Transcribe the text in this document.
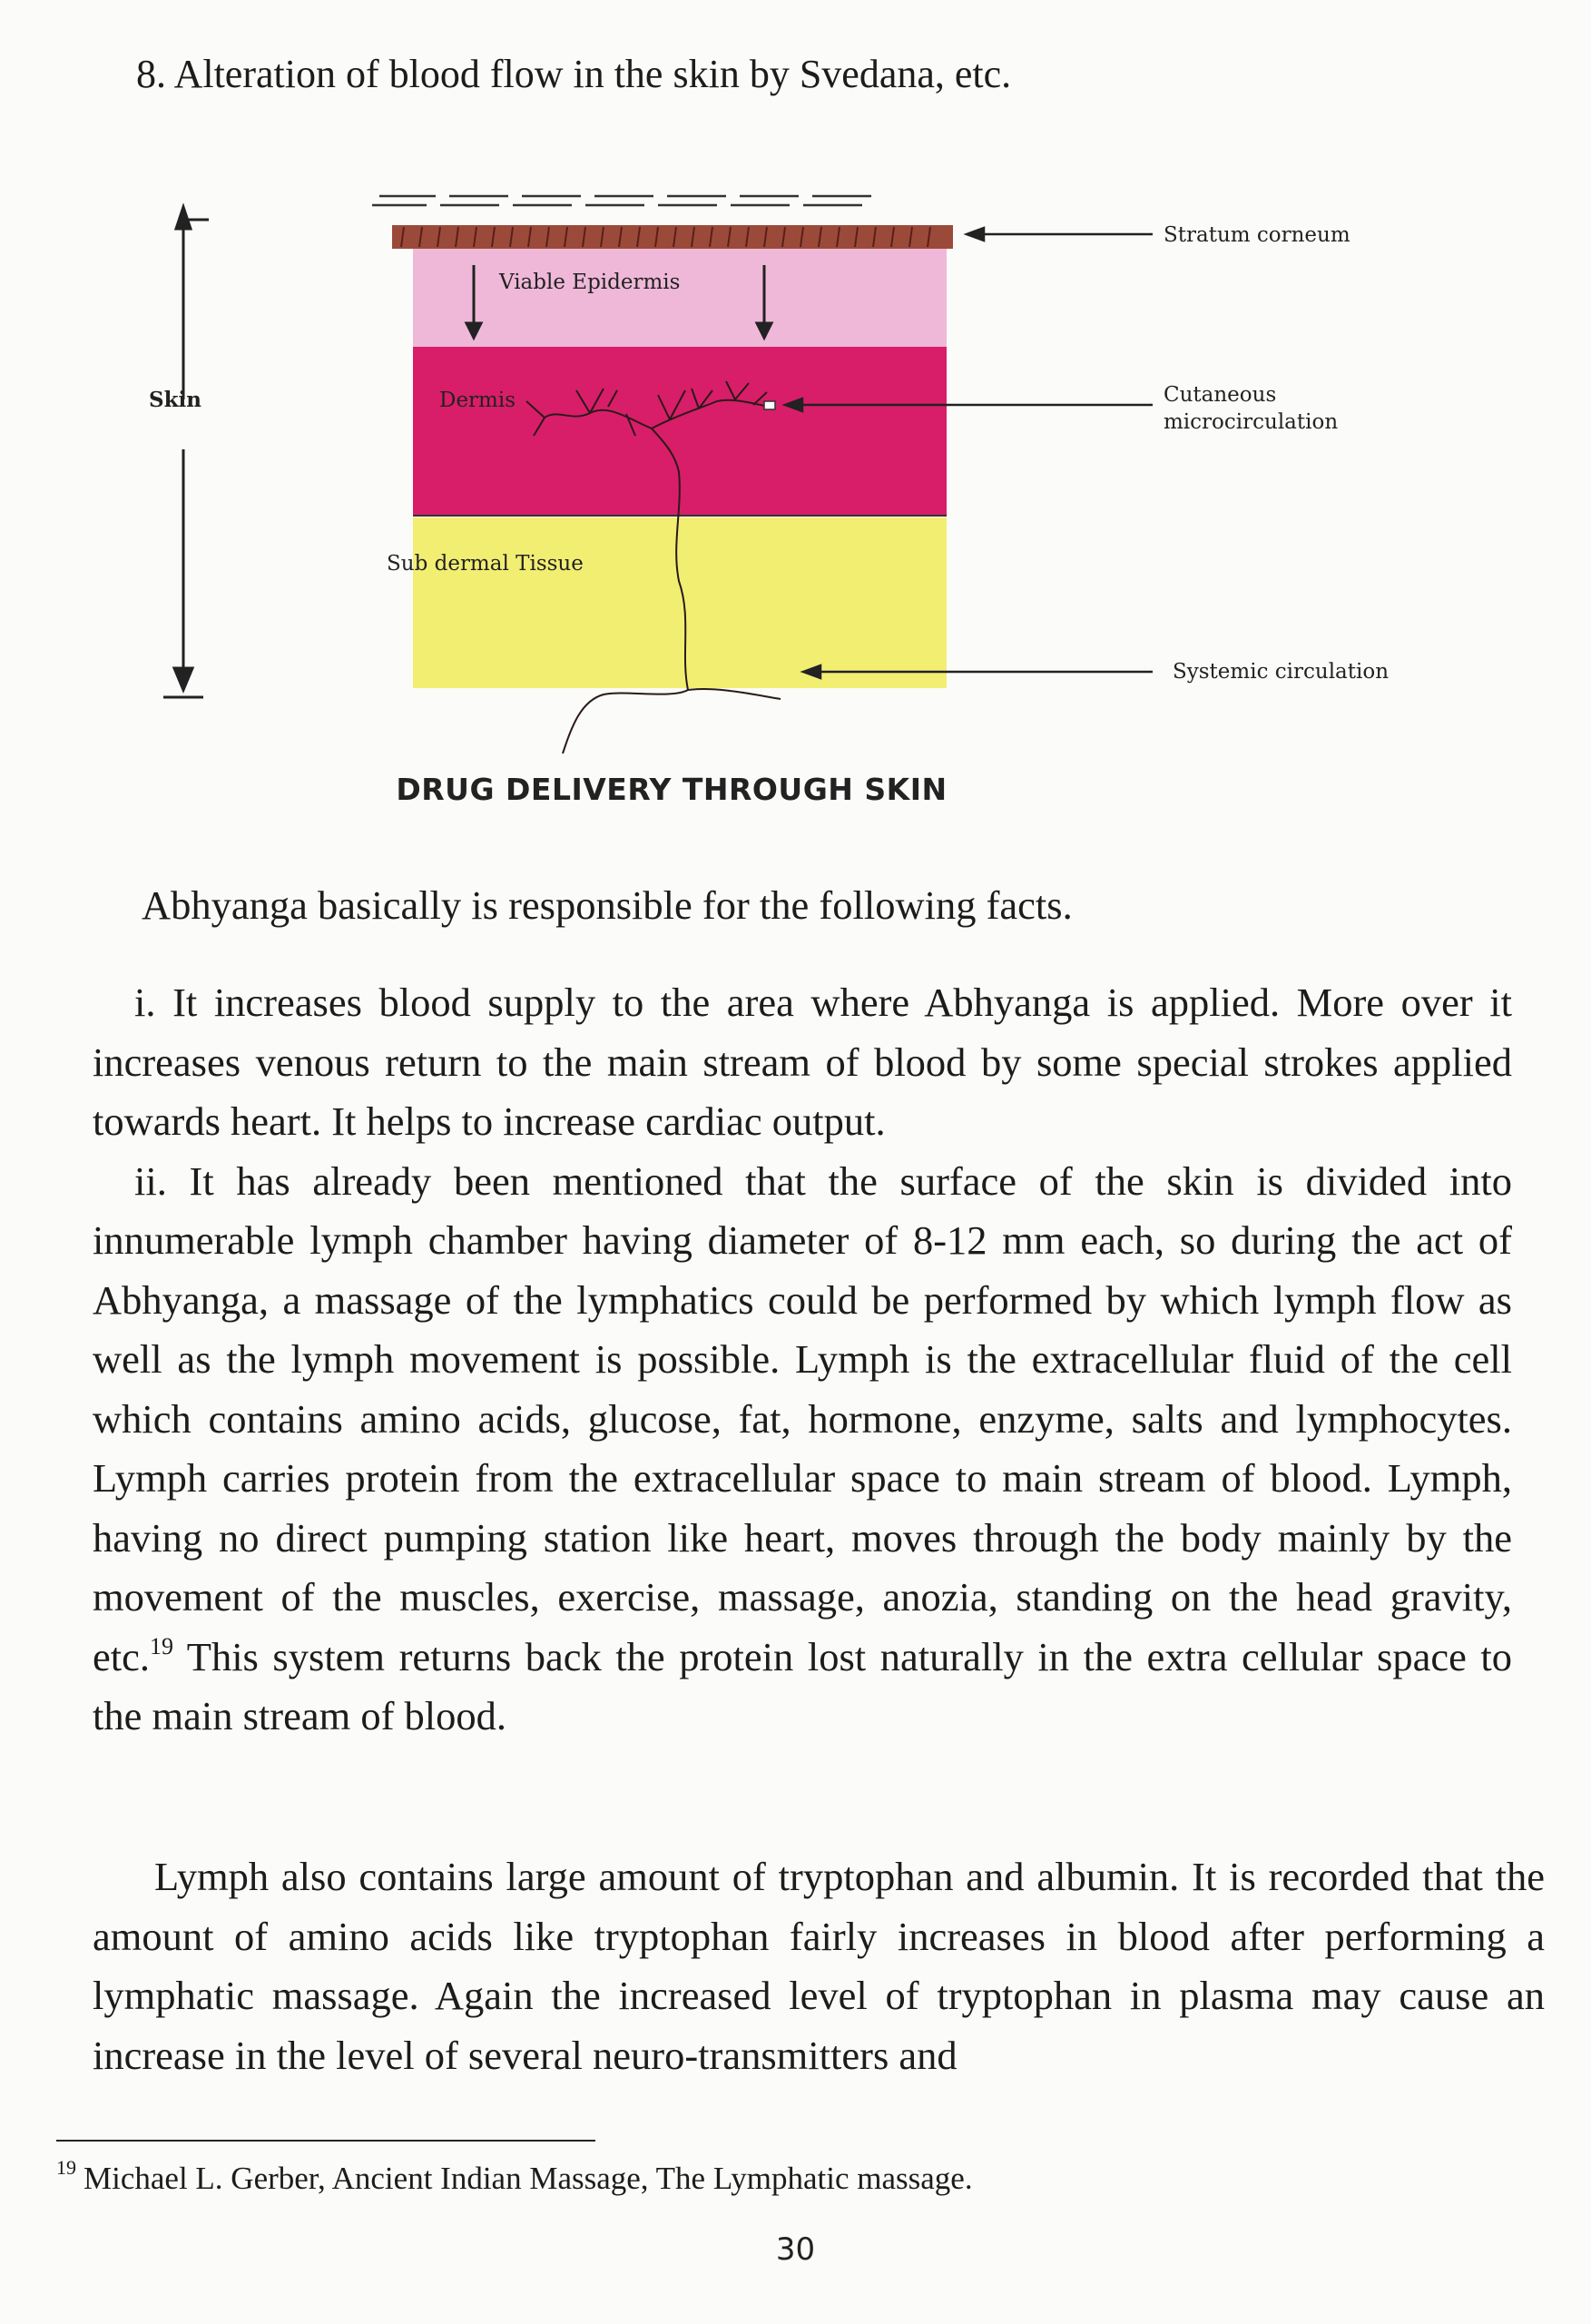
8. Alteration of blood flow in the skin by Svedana, etc.
Stratum corneum
Viable Epidermis
Skin	Dermis	Cutaneous
microcirculation
Sub dermal Tissue
Systemic circulation
DRUG DELIVERY THROUGH SKIN
Abhyanga basically is responsible for the following facts.

i. It increases blood supply to the area where Abhyanga is applied. More over it increases venous return to the main stream of blood by some special strokes applied towards heart. It helps to increase cardiac output.

ii. It has already been mentioned that the surface of the skin is divided into innumerable lymph chamber having diameter of 8-12 mm each, so during the act of Abhyanga, a massage of the lymphatics could be performed by which lymph flow as well as the lymph movement is possible. Lymph is the extracellular fluid of the cell which contains amino acids, glucose, fat, hormone, enzyme, salts and lymphocytes. Lymph carries protein from the extracellular space to main stream of blood. Lymph, having no direct pumping station like heart, moves through the body mainly by the movement of the muscles, exercise, massage, anozia, standing on the head gravity, etc.$^{19}$ This system returns back the protein lost naturally in the extra cellular space to the main stream of blood.

Lymph also contains large amount of tryptophan and albumin. It is recorded that the amount of amino acids like tryptophan fairly increases in blood after performing a lymphatic massage. Again the increased level of tryptophan in plasma may cause an increase in the level of several neuro-transmitters and

$^{19}$ Michael L. Gerber, Ancient Indian Massage, The Lymphatic massage.
30
